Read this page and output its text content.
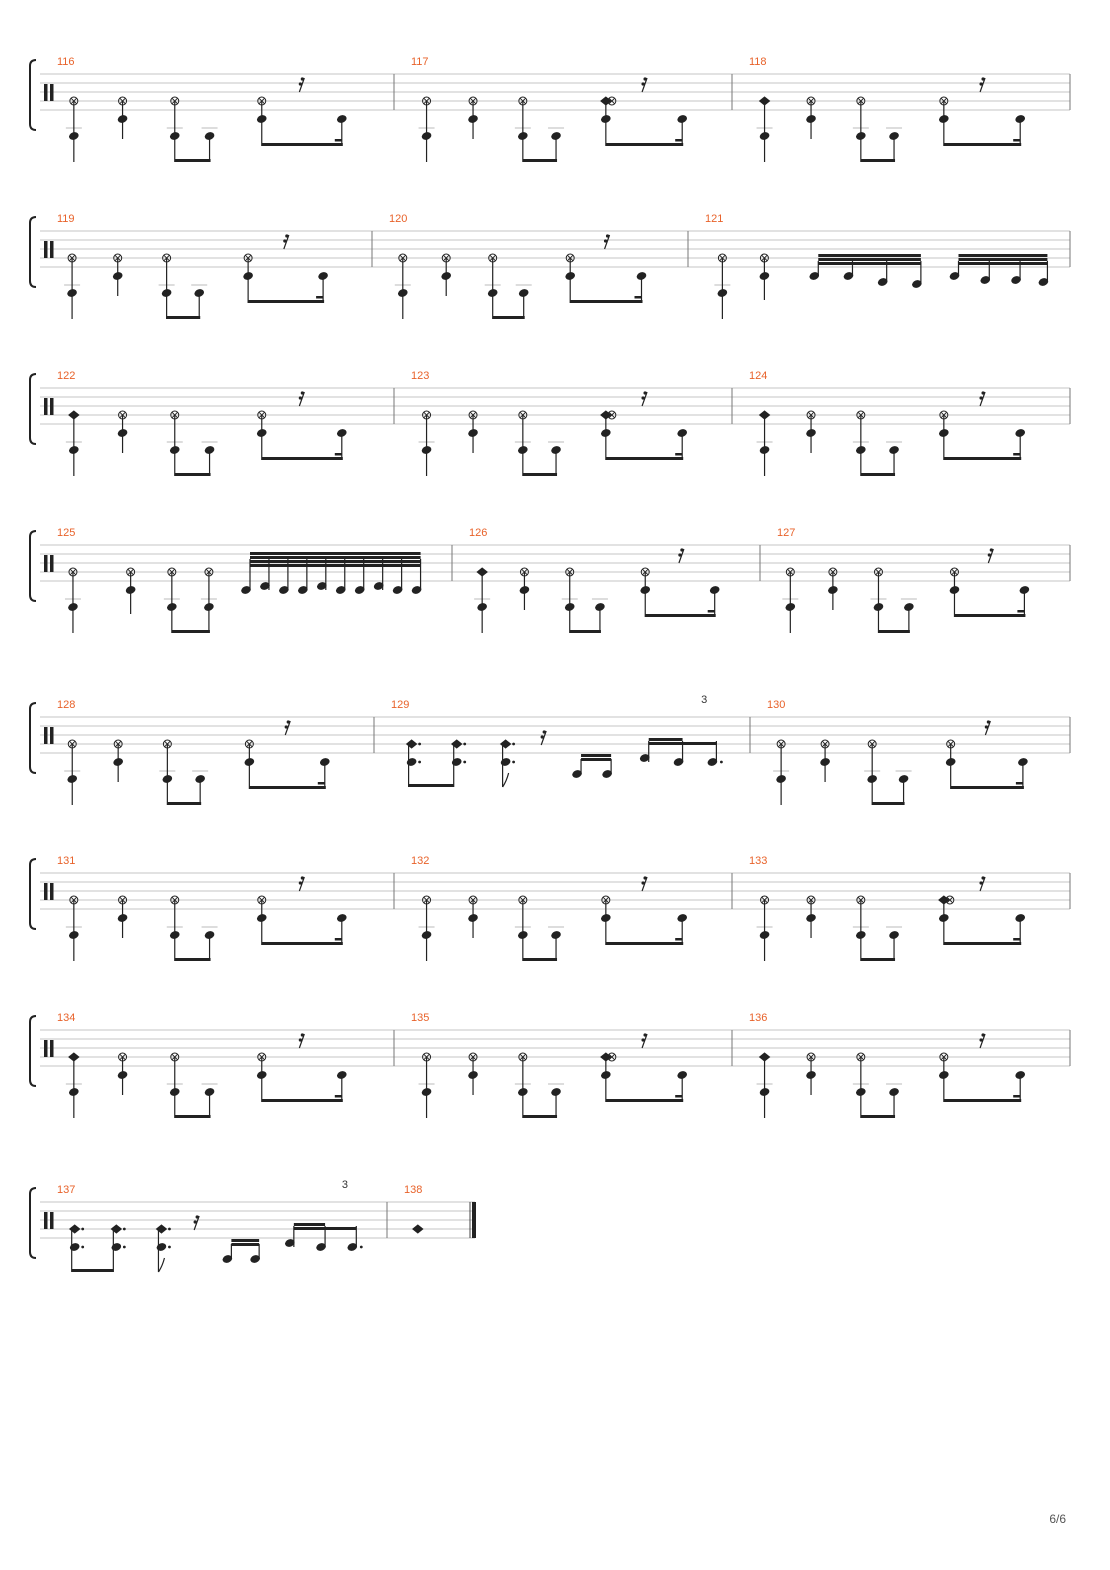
116	117	118
119	120	121
122	123	124
125	126	127
128	129	130
3
131	132	133
134	135	136
137	138
3
6/6
